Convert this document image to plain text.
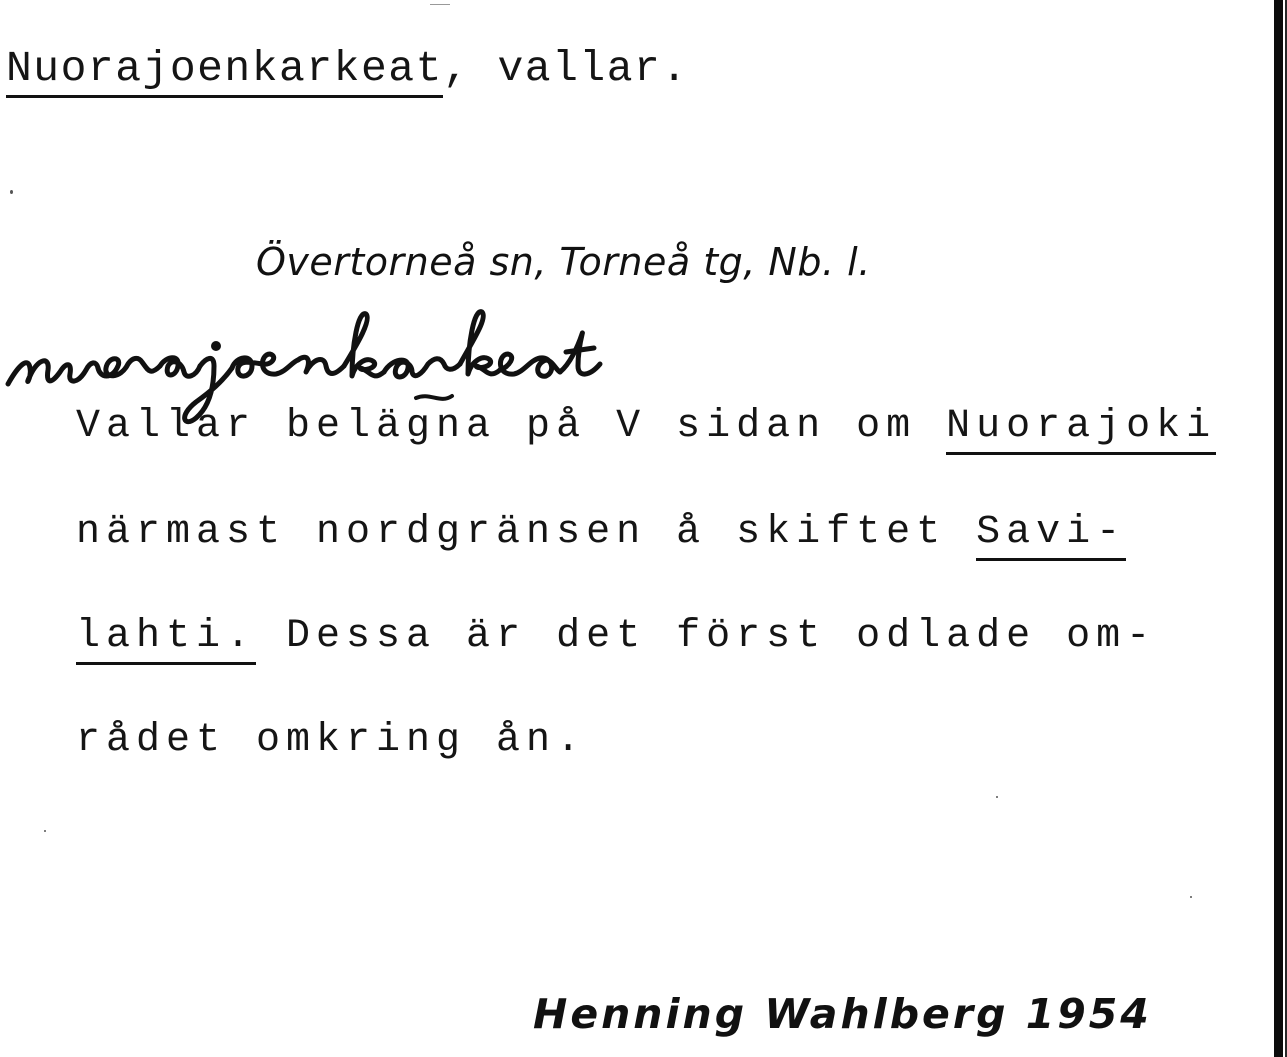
Nuorajoenkarkeat, vallar.
Övertorneå sn, Torneå tg, Nb. l.
Vallar belägna på V sidan om Nuorajoki
närmast nordgränsen å skiftet Savi-
lahti. Dessa är det först odlade om-
rådet omkring ån.
Henning Wahlberg 1954
